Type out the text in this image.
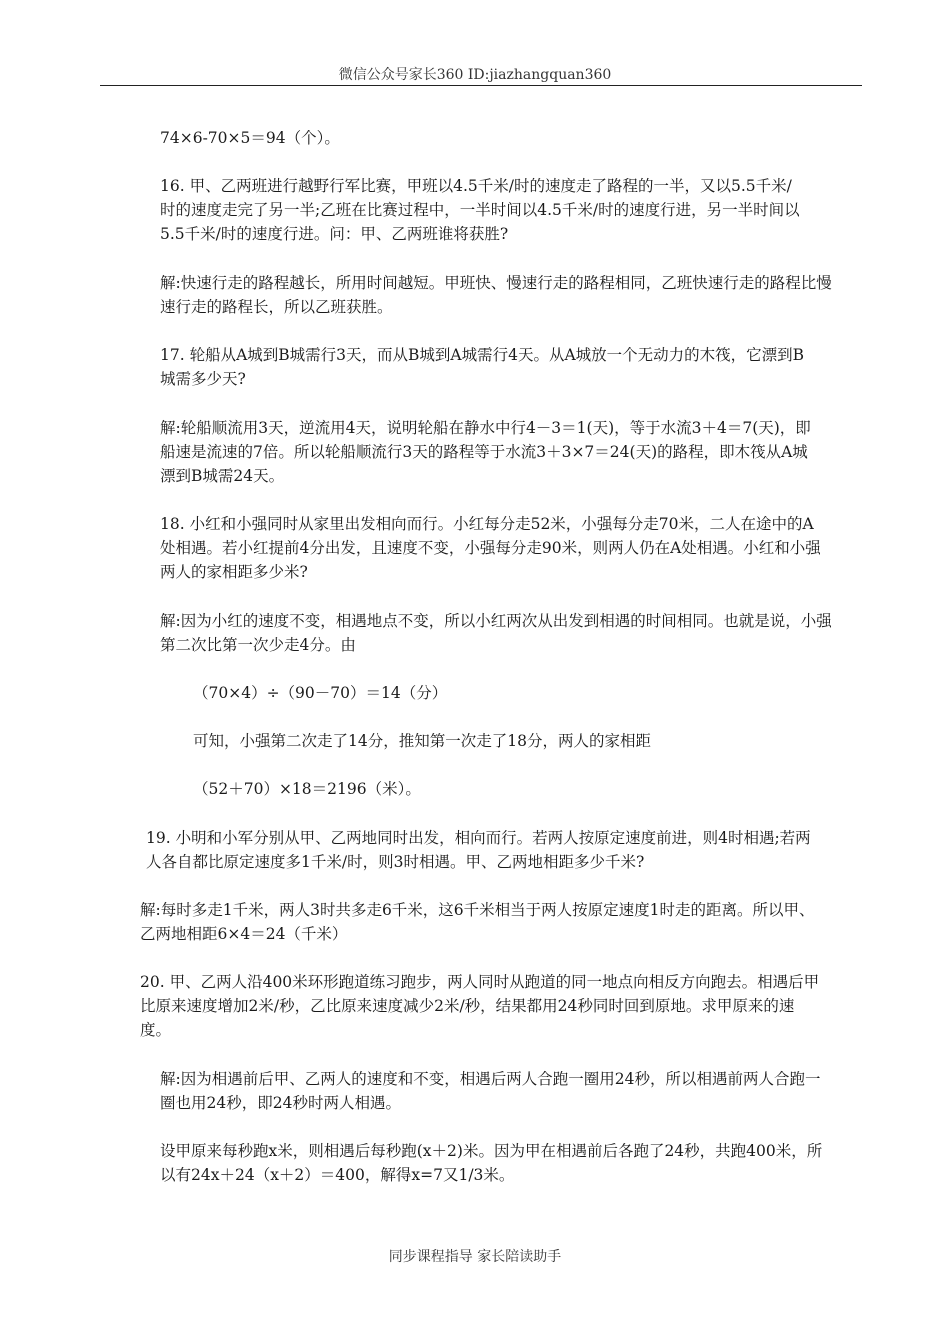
微信公众号家长360 ID:jiazhangquan360

74×6-70×5＝94（个）。

16. 甲、乙两班进行越野行军比赛，甲班以4.5千米/时的速度走了路程的一半，又以5.5千米/

时的速度走完了另一半;乙班在比赛过程中，一半时间以4.5千米/时的速度行进，另一半时间以

5.5千米/时的速度行进。问：甲、乙两班谁将获胜?

解:快速行走的路程越长，所用时间越短。甲班快、慢速行走的路程相同，乙班快速行走的路程比慢

速行走的路程长，所以乙班获胜。

17. 轮船从A城到B城需行3天，而从B城到A城需行4天。从A城放一个无动力的木筏，它漂到B

城需多少天?

解:轮船顺流用3天，逆流用4天，说明轮船在静水中行4－3＝1(天)，等于水流3＋4＝7(天)，即

船速是流速的7倍。所以轮船顺流行3天的路程等于水流3＋3×7＝24(天)的路程，即木筏从A城

漂到B城需24天。

18. 小红和小强同时从家里出发相向而行。小红每分走52米，小强每分走70米，二人在途中的A

处相遇。若小红提前4分出发，且速度不变，小强每分走90米，则两人仍在A处相遇。小红和小强

两人的家相距多少米?

解:因为小红的速度不变，相遇地点不变，所以小红两次从出发到相遇的时间相同。也就是说，小强

第二次比第一次少走4分。由

（70×4）÷（90－70）＝14（分）

可知，小强第二次走了14分，推知第一次走了18分，两人的家相距

（52＋70）×18＝2196（米）。

19. 小明和小军分别从甲、乙两地同时出发，相向而行。若两人按原定速度前进，则4时相遇;若两

人各自都比原定速度多1千米/时，则3时相遇。甲、乙两地相距多少千米?

解:每时多走1千米，两人3时共多走6千米，这6千米相当于两人按原定速度1时走的距离。所以甲、

乙两地相距6×4＝24（千米）

20. 甲、乙两人沿400米环形跑道练习跑步，两人同时从跑道的同一地点向相反方向跑去。相遇后甲

比原来速度增加2米/秒，乙比原来速度减少2米/秒，结果都用24秒同时回到原地。求甲原来的速

度。

解:因为相遇前后甲、乙两人的速度和不变，相遇后两人合跑一圈用24秒，所以相遇前两人合跑一

圈也用24秒，即24秒时两人相遇。

设甲原来每秒跑x米，则相遇后每秒跑(x＋2)米。因为甲在相遇前后各跑了24秒，共跑400米，所

以有24x＋24（x＋2）＝400，解得x=7又1/3米。

同步课程指导 家长陪读助手
